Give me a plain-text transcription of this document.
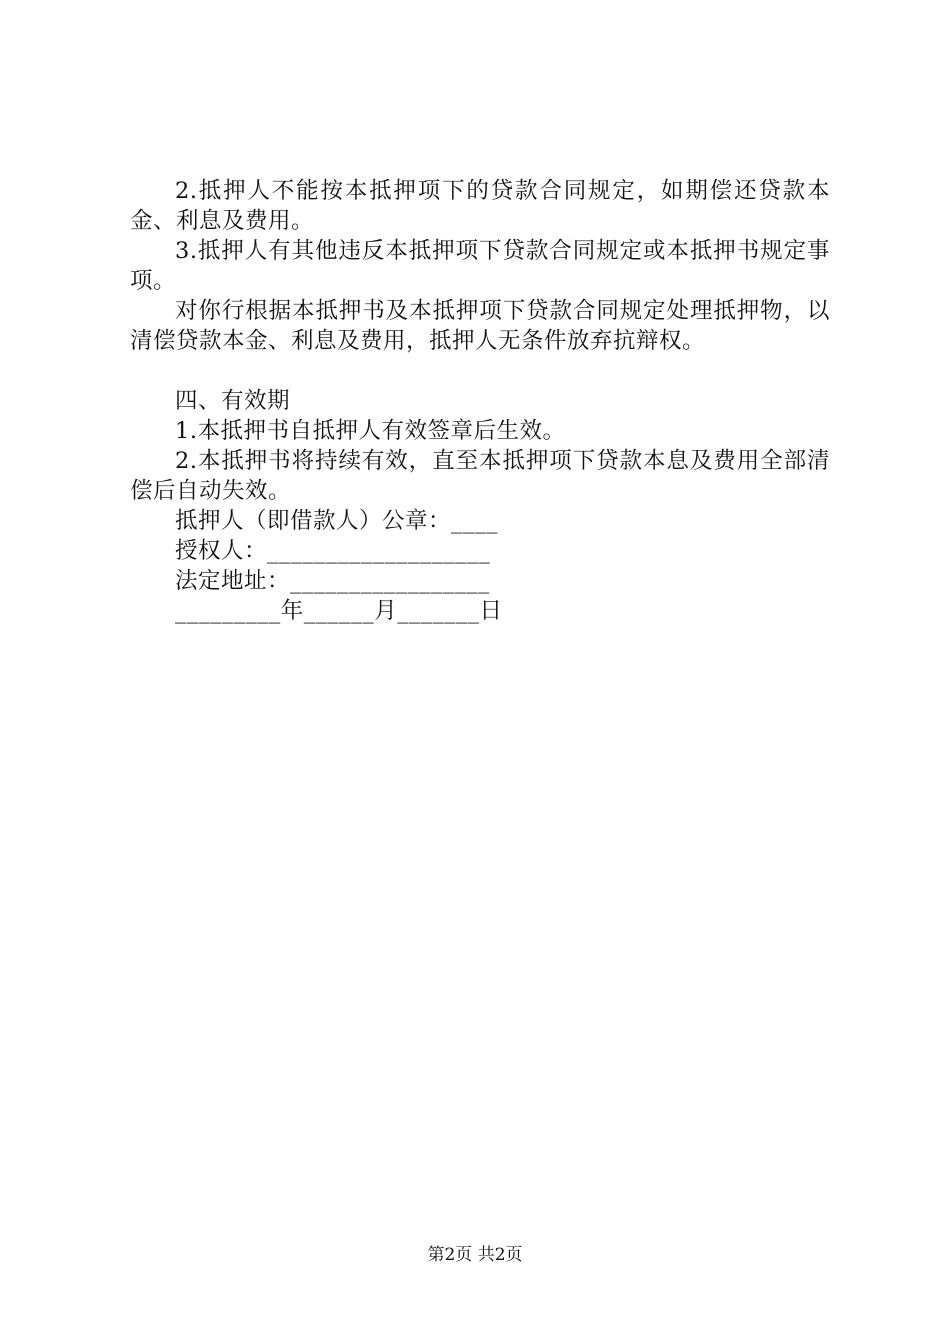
2.抵押人不能按本抵押项下的贷款合同规定，如期偿还贷款本金、利息及费用。

3.抵押人有其他违反本抵押项下贷款合同规定或本抵押书规定事项。

对你行根据本抵押书及本抵押项下贷款合同规定处理抵押物，以清偿贷款本金、利息及费用，抵押人无条件放弃抗辩权。

四、有效期

1.本抵押书自抵押人有效签章后生效。

2.本抵押书将持续有效，直至本抵押项下贷款本息及费用全部清偿后自动失效。

抵押人（即借款人）公章：____

授权人：___________________

法定地址：_________________

_________年______月_______日

第2页 共2页
